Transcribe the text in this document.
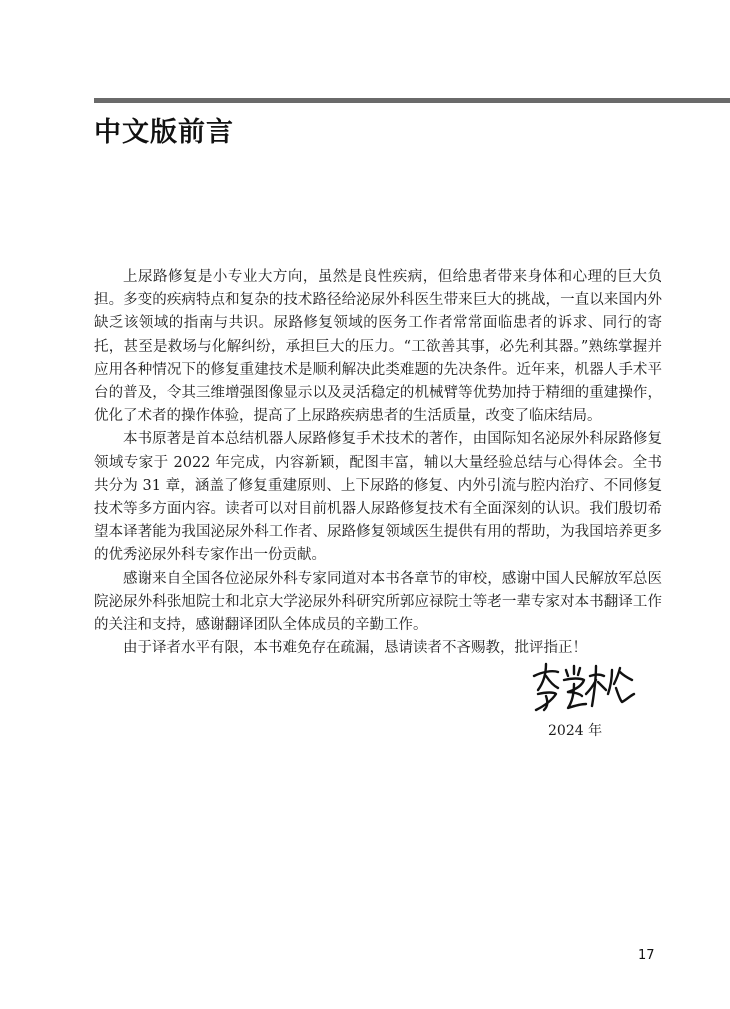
中文版前言

上尿路修复是小专业大方向，虽然是良性疾病，但给患者带来身体和心理的巨大负担。多变的疾病特点和复杂的技术路径给泌尿外科医生带来巨大的挑战，一直以来国内外缺乏该领域的指南与共识。尿路修复领域的医务工作者常常面临患者的诉求、同行的寄托，甚至是救场与化解纠纷，承担巨大的压力。“工欲善其事，必先利其器。”熟练掌握并应用各种情况下的修复重建技术是顺利解决此类难题的先决条件。近年来，机器人手术平台的普及，令其三维增强图像显示以及灵活稳定的机械臂等优势加持于精细的重建操作，优化了术者的操作体验，提高了上尿路疾病患者的生活质量，改变了临床结局。

本书原著是首本总结机器人尿路修复手术技术的著作，由国际知名泌尿外科尿路修复领域专家于 2022 年完成，内容新颖，配图丰富，辅以大量经验总结与心得体会。全书共分为 31 章，涵盖了修复重建原则、上下尿路的修复、内外引流与腔内治疗、不同修复技术等多方面内容。读者可以对目前机器人尿路修复技术有全面深刻的认识。我们殷切希望本译著能为我国泌尿外科工作者、尿路修复领域医生提供有用的帮助，为我国培养更多的优秀泌尿外科专家作出一份贡献。

感谢来自全国各位泌尿外科专家同道对本书各章节的审校，感谢中国人民解放军总医院泌尿外科张旭院士和北京大学泌尿外科研究所郭应禄院士等老一辈专家对本书翻译工作的关注和支持，感谢翻译团队全体成员的辛勤工作。

由于译者水平有限，本书难免存在疏漏，恳请读者不吝赐教，批评指正！

2024 年
17
